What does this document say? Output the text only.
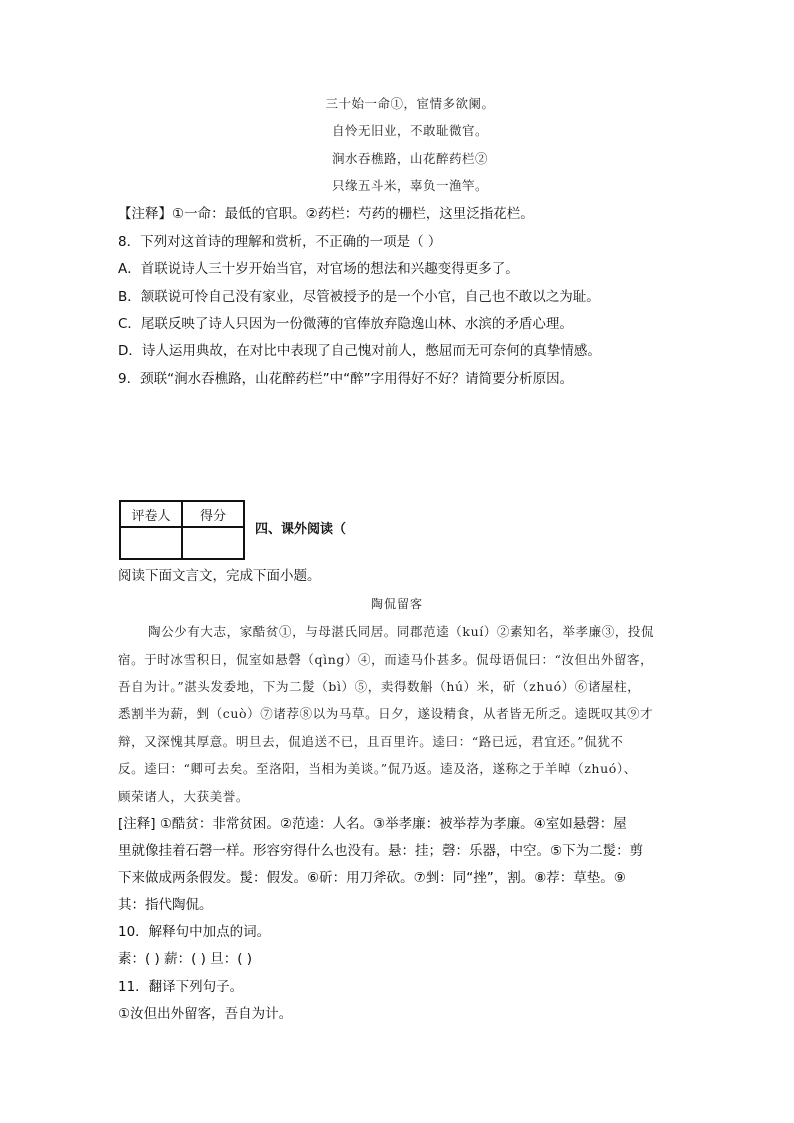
三十始一命①，宦情多欲阑。
自怜无旧业，不敢耻微官。
涧水吞樵路，山花醉药栏②
只缘五斗米，辜负一渔竿。
【注释】①一命：最低的官职。②药栏：芍药的栅栏，这里泛指花栏。
8．下列对这首诗的理解和赏析，不正确的一项是（ ）
A．首联说诗人三十岁开始当官，对官场的想法和兴趣变得更多了。
B．颔联说可怜自己没有家业，尽管被授予的是一个小官，自己也不敢以之为耻。
C．尾联反映了诗人只因为一份微薄的官俸放弃隐逸山林、水滨的矛盾心理。
D．诗人运用典故，在对比中表现了自己愧对前人，憋屈而无可奈何的真挚情感。
9．颈联“涧水吞樵路，山花醉药栏”中“醉”字用得好不好？请简要分析原因。
评卷人	得分

四、课外阅读（
阅读下面文言文，完成下面小题。
陶侃留客
陶公少有大志，家酷贫①，与母湛氏同居。同郡范逵（kuí）②素知名，举孝廉③，投侃
宿。于时冰雪积日，侃室如悬磬（qìng）④，而逵马仆甚多。侃母语侃曰：“汝但出外留客，
吾自为计。”湛头发委地，下为二髲（bì）⑤，卖得数斛（hú）米，斫（zhuó）⑥诸屋柱，
悉割半为薪，剉（cuò）⑦诸荐⑧以为马草。日夕，遂设精食，从者皆无所乏。逵既叹其⑨才
辩，又深愧其厚意。明旦去，侃追送不已，且百里许。逵曰：“路已远，君宜还。”侃犹不
反。逵曰：“卿可去矣。至洛阳，当相为美谈。”侃乃返。逵及洛，遂称之于羊晫（zhuó）、
顾荣诸人，大获美誉。
[注释] ①酷贫：非常贫困。②范逵：人名。③举孝廉：被举荐为孝廉。④室如悬磬：屋
里就像挂着石磬一样。形容穷得什么也没有。悬：挂；磬：乐器，中空。⑤下为二髲：剪
下来做成两条假发。髲：假发。⑥斫：用刀斧砍。⑦剉：同“挫”，割。⑧荐：草垫。⑨
其：指代陶侃。
10．解释句中加点的词。
素：( ) 薪：( ) 旦：( )
11．翻译下列句子。
①汝但出外留客，吾自为计。
